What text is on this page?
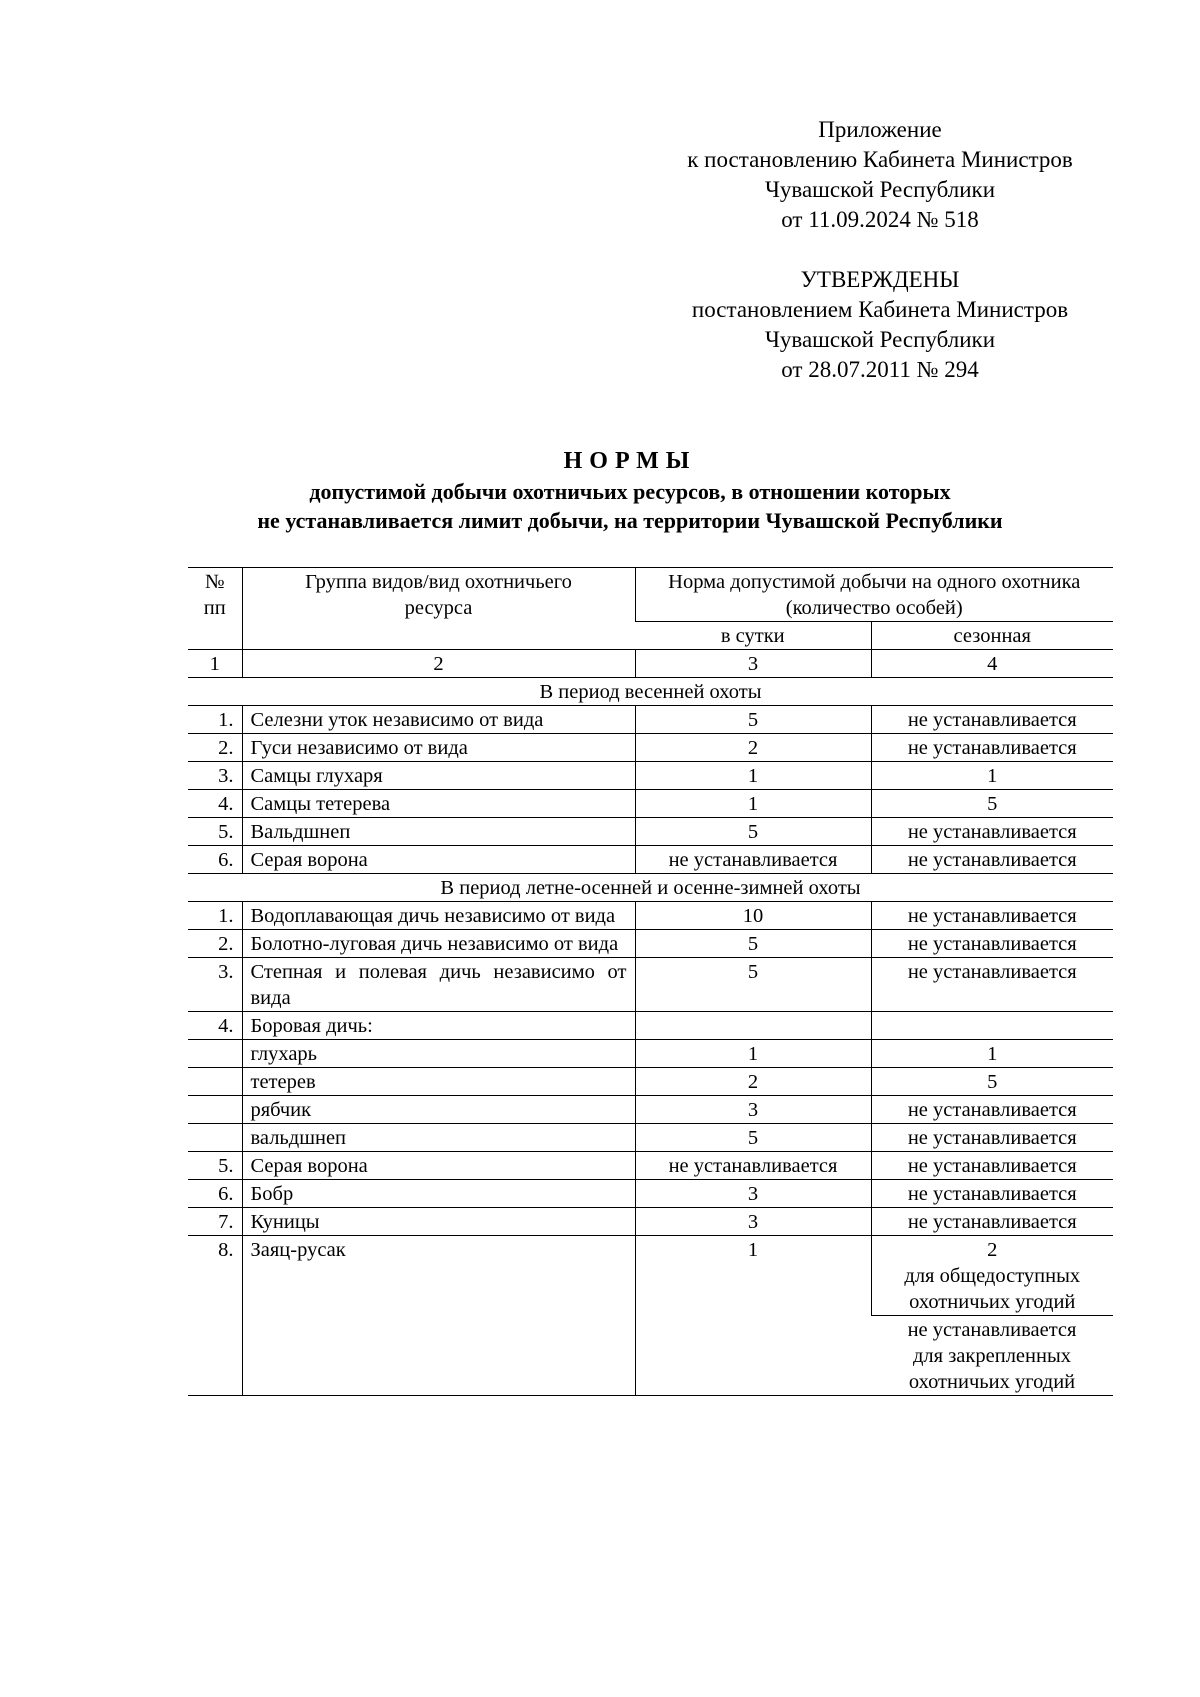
Приложение
к постановлению Кабинета Министров
Чувашской Республики
от 11.09.2024 № 518
УТВЕРЖДЕНЫ
постановлением Кабинета Министров
Чувашской Республики
от 28.07.2011 № 294
НОРМЫ
допустимой добычи охотничьих ресурсов, в отношении которых
не устанавливается лимит добычи, на территории Чувашской Республики
№ пп	Группа видов/вид охотничьего ресурса	Норма допустимой добычи на одного охотника (количество особей)	
		в сутки	сезонная
1	2	3	4
В период весенней охоты			
1.	Селезни уток независимо от вида	5	не устанавливается
2.	Гуси независимо от вида	2	не устанавливается
3.	Самцы глухаря	1	1
4.	Самцы тетерева	1	5
5.	Вальдшнеп	5	не устанавливается
6.	Серая ворона	не устанавливается	не устанавливается
В период летне-осенней и осенне-зимней охоты			
1.	Водоплавающая дичь независимо от вида	10	не устанавливается
2.	Болотно-луговая дичь независимо от вида	5	не устанавливается
3.	Степная и полевая дичь независимо от вида	5	не устанавливается
4.	Боровая дичь:		
	глухарь	1	1
	тетерев	2	5
	рябчик	3	не устанавливается
	вальдшнеп	5	не устанавливается
5.	Серая ворона	не устанавливается	не устанавливается
6.	Бобр	3	не устанавливается
7.	Куницы	3	не устанавливается
8.	Заяц-русак	1	2
для общедоступных охотничьих угодий

			не устанавливается
для закрепленных охотничьих угодий
